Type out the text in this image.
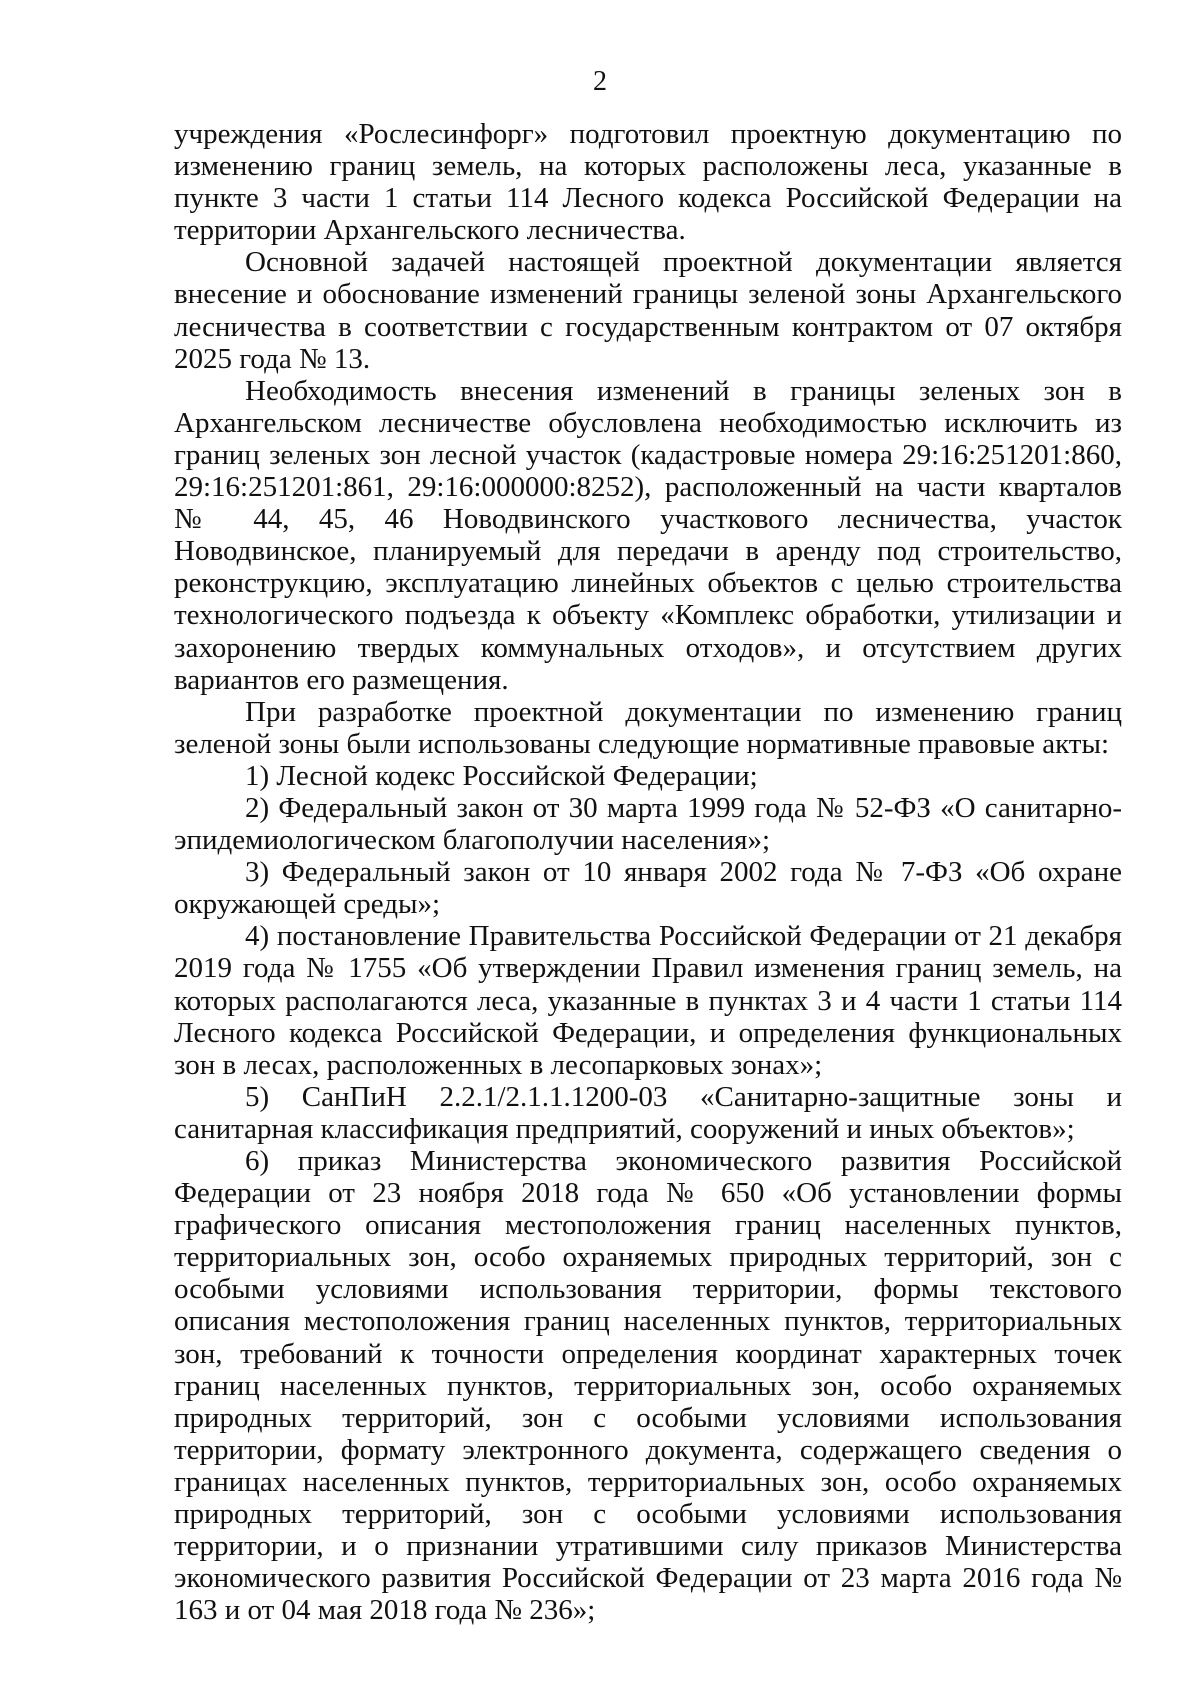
2

учреждения «Рослесинфорг» подготовил проектную документацию по изменению границ земель, на которых расположены леса, указанные в пункте 3 части 1 статьи 114 Лесного кодекса Российской Федерации на территории Архангельского лесничества.

Основной задачей настоящей проектной документации является внесение и обоснование изменений границы зеленой зоны Архангельского лесничества в соответствии с государственным контрактом от 07 октября 2025 года № 13.

Необходимость внесения изменений в границы зеленых зон в Архангельском лесничестве обусловлена необходимостью исключить из границ зеленых зон лесной участок (кадастровые номера 29:16:251201:860, 29:16:251201:861, 29:16:000000:8252), расположенный на части кварталов № 44, 45, 46 Новодвинского участкового лесничества, участок Новодвинское, планируемый для передачи в аренду под строительство, реконструкцию, эксплуатацию линейных объектов с целью строительства технологического подъезда к объекту «Комплекс обработки, утилизации и захоронению твердых коммунальных отходов», и отсутствием других вариантов его размещения.

При разработке проектной документации по изменению границ зеленой зоны были использованы следующие нормативные правовые акты:

1) Лесной кодекс Российской Федерации;

2) Федеральный закон от 30 марта 1999 года № 52-ФЗ «О санитарно-эпидемиологическом благополучии населения»;

3) Федеральный закон от 10 января 2002 года № 7-ФЗ «Об охране окружающей среды»;

4) постановление Правительства Российской Федерации от 21 декабря 2019 года № 1755 «Об утверждении Правил изменения границ земель, на которых располагаются леса, указанные в пунктах 3 и 4 части 1 статьи 114 Лесного кодекса Российской Федерации, и определения функциональных зон в лесах, расположенных в лесопарковых зонах»;

5) СанПиН 2.2.1/2.1.1.1200-03 «Санитарно-защитные зоны и санитарная классификация предприятий, сооружений и иных объектов»;

6) приказ Министерства экономического развития Российской Федерации от 23 ноября 2018 года № 650 «Об установлении формы графического описания местоположения границ населенных пунктов, территориальных зон, особо охраняемых природных территорий, зон с особыми условиями использования территории, формы текстового описания местоположения границ населенных пунктов, территориальных зон, требований к точности определения координат характерных точек границ населенных пунктов, территориальных зон, особо охраняемых природных территорий, зон с особыми условиями использования территории, формату электронного документа, содержащего сведения о границах населенных пунктов, территориальных зон, особо охраняемых природных территорий, зон с особыми условиями использования территории, и о признании утратившими силу приказов Министерства экономического развития Российской Федерации от 23 марта 2016 года № 163 и от 04 мая 2018 года № 236»;
